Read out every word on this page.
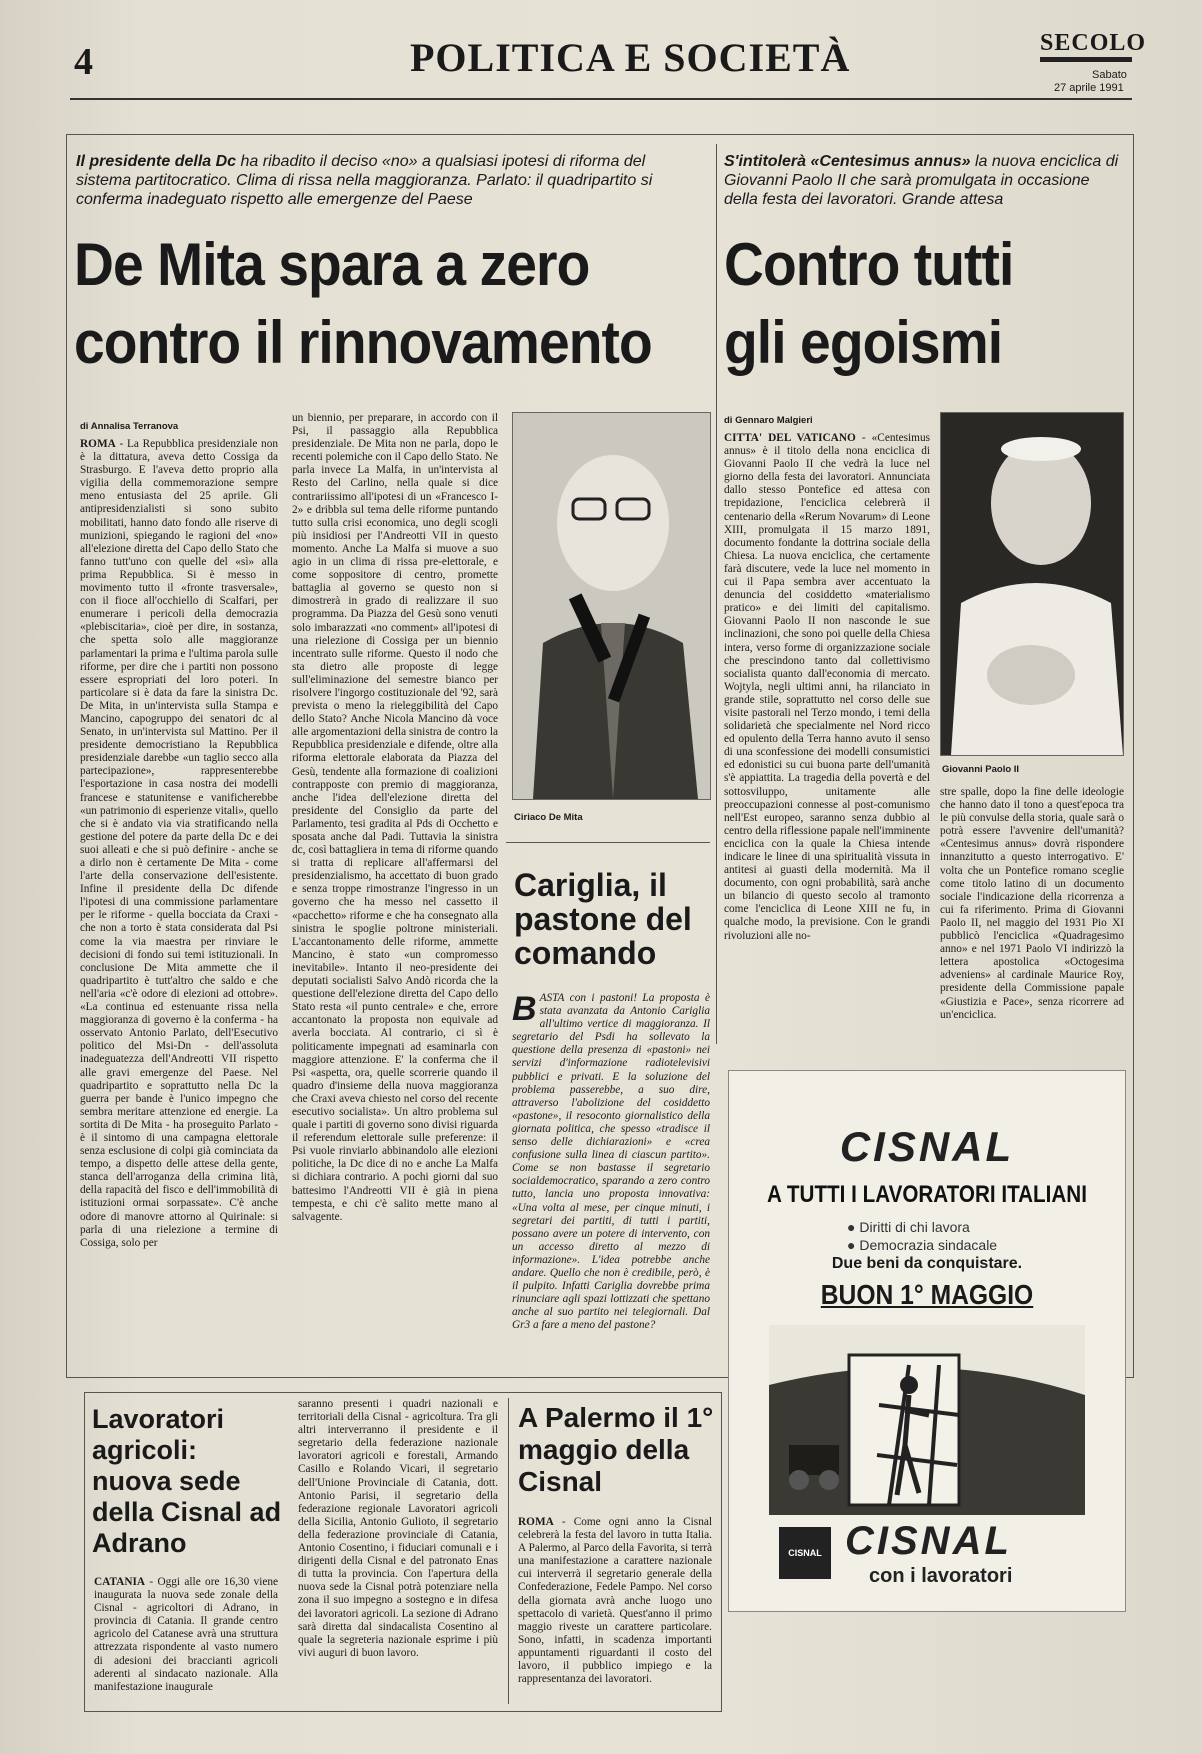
4	POLITICA E SOCIETÀ	SECOLO
Sabato
27 aprile 1991
Il presidente della Dc ha ribadito il deciso «no» a qualsiasi ipotesi di riforma del sistema partitocratico. Clima di rissa nella maggioranza. Parlato: il quadripartito si conferma inadeguato rispetto alle emergenze del Paese
De Mita spara a zero
contro il rinnovamento
di Annalisa Terranova
ROMA - La Repubblica presidenziale non è la dittatura, aveva detto Cossiga da Strasburgo. E l'aveva detto proprio alla vigilia della commemorazione sempre meno entusiasta del 25 aprile. Gli antipresidenzialisti si sono subito mobilitati, hanno dato fondo alle riserve di munizioni, spiegando le ragioni del «no» all'elezione diretta del Capo dello Stato che fanno tutt'uno con quelle del «sì» alla prima Repubblica. Si è messo in movimento tutto il «fronte trasversale», con il fioce all'occhiello di Scalfari, per enumerare i pericoli della democrazia «plebiscitaria», cioè per dire, in sostanza, che spetta solo alle maggioranze parlamentari la prima e l'ultima parola sulle riforme, per dire che i partiti non possono essere espropriati del loro poteri. In particolare si è data da fare la sinistra Dc. De Mita, in un'intervista sulla Stampa e Mancino, capogruppo dei senatori dc al Senato, in un'intervista sul Mattino. Per il presidente democristiano la Repubblica presidenziale darebbe «un taglio secco alla partecipazione», rappresenterebbe l'esportazione in casa nostra dei modelli francese e statunitense e vanificherebbe «un patrimonio di esperienze vitali», quello che si è andato via via stratificando nella gestione del potere da parte della Dc e dei suoi alleati e che si può definire - anche se a dirlo non è certamente De Mita - come l'arte della conservazione dell'esistente. Infine il presidente della Dc difende l'ipotesi di una commissione parlamentare per le riforme - quella bocciata da Craxi - che non a torto è stata considerata dal Psi come la via maestra per rinviare le decisioni di fondo sui temi istituzionali. In conclusione De Mita ammette che il quadripartito è tutt'altro che saldo e che nell'aria «c'è odore di elezioni ad ottobre». «La continua ed estenuante rissa nella maggioranza di governo è la conferma - ha osservato Antonio Parlato, dell'Esecutivo politico del Msi-Dn - dell'assoluta inadeguatezza dell'Andreotti VII rispetto alle gravi emergenze del Paese. Nel quadripartito e soprattutto nella Dc la guerra per bande è l'unico impegno che sembra meritare attenzione ed energie. La sortita di De Mita - ha proseguito Parlato - è il sintomo di una campagna elettorale senza esclusione di colpi già cominciata da tempo, a dispetto delle attese della gente, stanca dell'arroganza della crimina lità, della rapacità del fisco e dell'immobilità di istituzioni ormai sorpassate». C'è anche odore di manovre attorno al Quirinale: si parla di una rielezione a termine di Cossiga, solo per
un biennio, per preparare, in accordo con il Psi, il passaggio alla Repubblica presidenziale. De Mita non ne parla, dopo le recenti polemiche con il Capo dello Stato. Ne parla invece La Malfa, in un'intervista al Resto del Carlino, nella quale si dice contrariissimo all'ipotesi di un «Francesco I-2» e dribbla sul tema delle riforme puntando tutto sulla crisi economica, uno degli scogli più insidiosi per l'Andreotti VII in questo momento. Anche La Malfa si muove a suo agio in un clima di rissa pre-elettorale, e come soppositore di centro, promette battaglia al governo se questo non si dimostrerà in grado di realizzare il suo programma. Da Piazza del Gesù sono venuti solo imbarazzati «no comment» all'ipotesi di una rielezione di Cossiga per un biennio incentrato sulle riforme. Questo il nodo che sta dietro alle proposte di legge sull'eliminazione del semestre bianco per risolvere l'ingorgo costituzionale del '92, sarà prevista o meno la rieleggibilità del Capo dello Stato? Anche Nicola Mancino dà voce alle argomentazioni della sinistra de contro la Repubblica presidenziale e difende, oltre alla riforma elettorale elaborata da Piazza del Gesù, tendente alla formazione di coalizioni contrapposte con premio di maggioranza, anche l'idea dell'elezione diretta del presidente del Consiglio da parte del Parlamento, tesi gradita al Pds di Occhetto e sposata anche dal Padi. Tuttavia la sinistra dc, così battagliera in tema di riforme quando si tratta di replicare all'affermarsi del presidenzialismo, ha accettato di buon grado e senza troppe rimostranze l'ingresso in un governo che ha messo nel cassetto il «pacchetto» riforme e che ha consegnato alla sinistra le spoglie poltrone ministeriali. L'accantonamento delle riforme, ammette Mancino, è stato «un compromesso inevitabile». Intanto il neo-presidente dei deputati socialisti Salvo Andò ricorda che la questione dell'elezione diretta del Capo dello Stato resta «il punto centrale» e che, errore accantonato la proposta non equivale ad averla bocciata. Al contrario, ci sì è politicamente impegnati ad esaminarla con maggiore attenzione. E' la conferma che il Psi «aspetta, ora, quelle scorrerie quando il quadro d'insieme della nuova maggioranza che Craxi aveva chiesto nel corso del recente esecutivo socialista». Un altro problema sul quale i partiti di governo sono divisi riguarda il referendum elettorale sulle preferenze: il Psi vuole rinviarlo abbinandolo alle elezioni politiche, la Dc dice di no e anche La Malfa si dichiara contrario. A pochi giorni dal suo battesimo l'Andreotti VII è già in piena tempesta, e chi c'è salito mette mano al salvagente.
Ciriaco De Mita
Cariglia, il pastone del comando
B ASTA con i pastoni! La proposta è stata avanzata da Antonio Cariglia all'ultimo vertice di maggioranza. Il segretario del Psdi ha sollevato la questione della presenza di «pastoni» nei servizi d'informazione radiotelevisivi pubblici e privati. E la soluzione del problema passerebbe, a suo dire, attraverso l'abolizione del cosiddetto «pastone», il resoconto giornalistico della giornata politica, che spesso «tradisce il senso delle dichiarazioni» e «crea confusione sulla linea di ciascun partito». Come se non bastasse il segretario socialdemocratico, sparando a zero contro tutto, lancia uno proposta innovativa: «Una volta al mese, per cinque minuti, i segretari dei partiti, di tutti i partiti, possano avere un potere di intervento, con un accesso diretto al mezzo di informazione». L'idea potrebbe anche andare. Quello che non è credibile, però, è il pulpito. Infatti Cariglia dovrebbe prima rinunciare agli spazi lottizzati che spettano anche al suo partito nei telegiornali. Dal Gr3 a fare a meno del pastone?
S'intitolerà «Centesimus annus» la nuova enciclica di Giovanni Paolo II che sarà promulgata in occasione della festa dei lavoratori. Grande attesa
Contro tutti
gli egoismi
di Gennaro Malgieri
CITTA' DEL VATICANO - «Centesimus annus» è il titolo della nona enciclica di Giovanni Paolo II che vedrà la luce nel giorno della festa dei lavoratori. Annunciata dallo stesso Pontefice ed attesa con trepidazione, l'enciclica celebrerà il centenario della «Rerum Novarum» di Leone XIII, promulgata il 15 marzo 1891, documento fondante la dottrina sociale della Chiesa. La nuova enciclica, che certamente farà discutere, vede la luce nel momento in cui il Papa sembra aver accentuato la denuncia del cosiddetto «materialismo pratico» e dei limiti del capitalismo. Giovanni Paolo II non nasconde le sue inclinazioni, che sono poi quelle della Chiesa intera, verso forme di organizzazione sociale che prescindono tanto dal collettivismo socialista quanto dall'economia di mercato. Wojtyla, negli ultimi anni, ha rilanciato in grande stile, soprattutto nel corso delle sue visite pastorali nel Terzo mondo, i temi della solidarietà che specialmente nel Nord ricco ed opulento della Terra hanno avuto il senso di una sconfessione dei modelli consumistici ed edonistici su cui buona parte dell'umanità s'è appiattita. La tragedia della povertà e del sottosviluppo, unitamente alle preoccupazioni connesse al post-comunismo nell'Est europeo, saranno senza dubbio al centro della riflessione papale nell'imminente enciclica con la quale la Chiesa intende indicare le linee di una spiritualità vissuta in antitesi ai guasti della modernità. Ma il documento, con ogni probabilità, sarà anche un bilancio di questo secolo al tramonto come l'enciclica di Leone XIII ne fu, in qualche modo, la previsione. Con le grandi rivoluzioni alle no-
Giovanni Paolo II
stre spalle, dopo la fine delle ideologie che hanno dato il tono a quest'epoca tra le più convulse della storia, quale sarà o potrà essere l'avvenire dell'umanità? «Centesimus annus» dovrà rispondere innanzitutto a questo interrogativo. E' volta che un Pontefice romano sceglie come titolo latino di un documento sociale l'indicazione della ricorrenza a cui fa riferimento. Prima di Giovanni Paolo II, nel maggio del 1931 Pio XI pubblicò l'enciclica «Quadragesimo anno» e nel 1971 Paolo VI indirizzò la lettera apostolica «Octogesima adveniens» al cardinale Maurice Roy, presidente della Commissione papale «Giustizia e Pace», senza ricorrere ad un'enciclica.
CISNAL
A TUTTI I LAVORATORI ITALIANI
● Diritti di chi lavora
● Democrazia sindacale
Due beni da conquistare.
BUON 1° MAGGIO
CISNAL CISNAL
con i lavoratori
Lavoratori agricoli: nuova sede della Cisnal ad Adrano
CATANIA - Oggi alle ore 16,30 viene inaugurata la nuova sede zonale della Cisnal - agricoltori di Adrano, in provincia di Catania. Il grande centro agricolo del Catanese avrà una struttura attrezzata rispondente al vasto numero di adesioni dei braccianti agricoli aderenti al sindacato nazionale. Alla manifestazione inaugurale
saranno presenti i quadri nazionali e territoriali della Cisnal - agricoltura. Tra gli altri interverranno il presidente e il segretario della federazione nazionale lavoratori agricoli e forestali, Armando Casillo e Rolando Vicari, il segretario dell'Unione Provinciale di Catania, dott. Antonio Parisi, il segretario della federazione regionale Lavoratori agricoli della Sicilia, Antonio Gulioto, il segretario della federazione provinciale di Catania, Antonio Cosentino, i fiduciari comunali e i dirigenti della Cisnal e del patronato Enas di tutta la provincia. Con l'apertura della nuova sede la Cisnal potrà potenziare nella zona il suo impegno a sostegno e in difesa dei lavoratori agricoli. La sezione di Adrano sarà diretta dal sindacalista Cosentino al quale la segreteria nazionale esprime i più vivi auguri di buon lavoro.
A Palermo il 1° maggio della Cisnal
ROMA - Come ogni anno la Cisnal celebrerà la festa del lavoro in tutta Italia. A Palermo, al Parco della Favorita, si terrà una manifestazione a carattere nazionale cui interverrà il segretario generale della Confederazione, Fedele Pampo. Nel corso della giornata avrà anche luogo uno spettacolo di varietà. Quest'anno il primo maggio riveste un carattere particolare. Sono, infatti, in scadenza importanti appuntamenti riguardanti il costo del lavoro, il pubblico impiego e la rappresentanza dei lavoratori.
